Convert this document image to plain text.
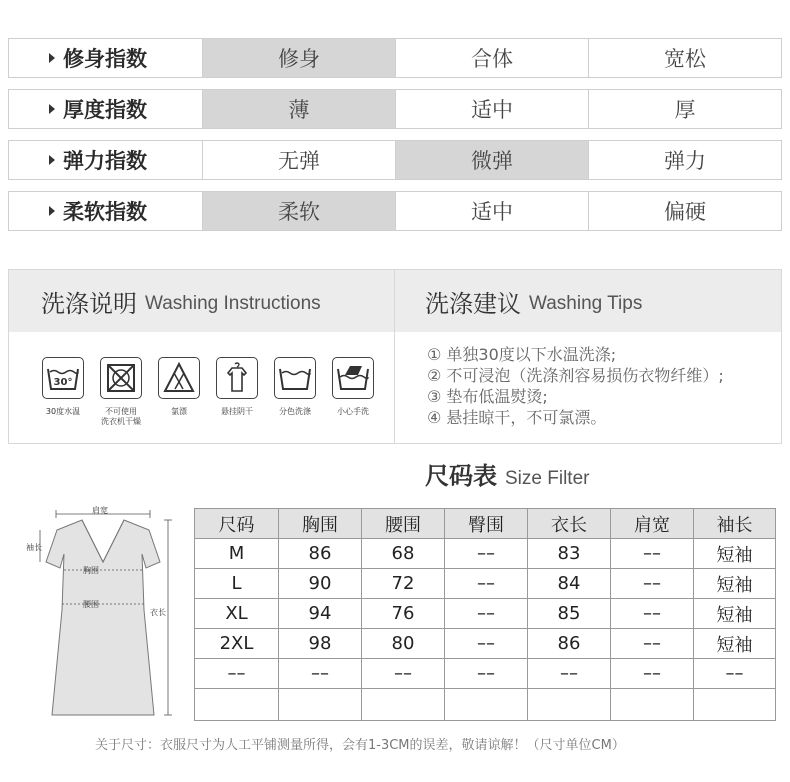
修身指数	修身	合体	宽松
厚度指数	薄	适中	厚
弹力指数	无弹	微弹	弹力
柔软指数	柔软	适中	偏硬
洗涤说明 Washing Instructions	洗涤建议 Washing Tips
30°
30度水温	不可使用
洗衣机干燥
氯漂	悬挂阴干	分色洗涤	小心手洗
① 单独30度以下水温洗涤;
② 不可浸泡（洗涤剂容易损伤衣物纤维）;
③ 垫布低温熨烫;
④ 悬挂晾干，不可氯漂。
尺码表 Size Filter
肩宽
袖长
胸围
腰围
衣长
尺码	胸围	腰围	臀围	衣长	肩宽	袖长
M	86	68	––	83	––	短袖
L	90	72	––	84	––	短袖
XL	94	76	––	85	––	短袖
2XL	98	80	––	86	––	短袖
––	––	––	––	––	––	––

关于尺寸：衣服尺寸为人工平铺测量所得，会有1-3CM的误差，敬请谅解！（尺寸单位CM）
